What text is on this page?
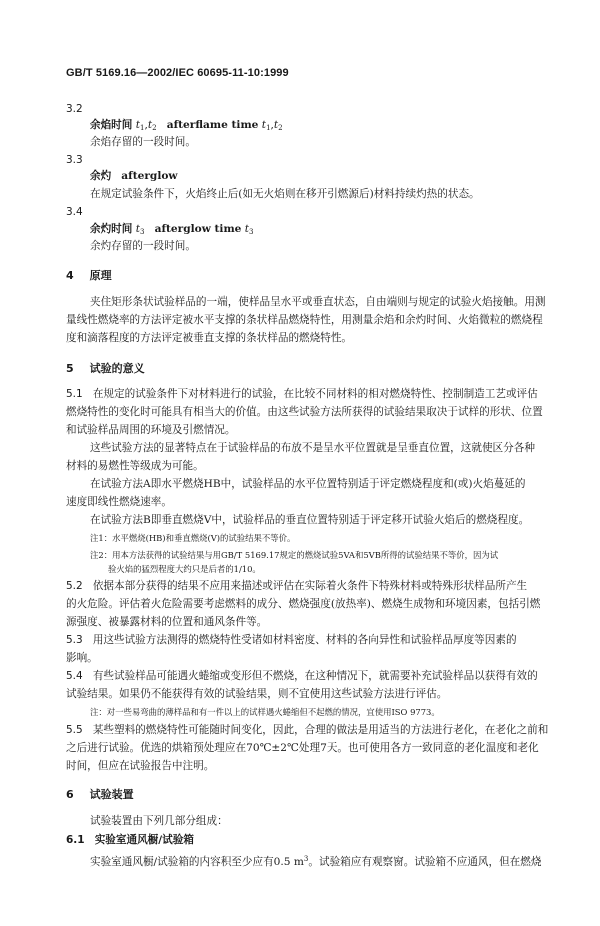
GB/T 5169.16—2002/IEC 60695-11-10:1999
3.2
余焰时间 $t_1,t_2$ afterflame time $t_1,t_2$
余焰存留的一段时间。
3.3
余灼 afterglow
在规定试验条件下，火焰终止后(如无火焰则在移开引燃源后)材料持续灼热的状态。
3.4
余灼时间 $t_3$ afterglow time $t_3$
余灼存留的一段时间。
4 原理
夹住矩形条状试验样品的一端，使样品呈水平或垂直状态，自由端则与规定的试验火焰接触。用测
量线性燃烧率的方法评定被水平支撑的条状样品燃烧特性，用测量余焰和余灼时间、火焰微粒的燃烧程
度和滴落程度的方法评定被垂直支撑的条状样品的燃烧特性。
5 试验的意义
5.1 在规定的试验条件下对材料进行的试验，在比较不同材料的相对燃烧特性、控制制造工艺或评估
燃烧特性的变化时可能具有相当大的价值。由这些试验方法所获得的试验结果取决于试样的形状、位置
和试验样品周围的环境及引燃情况。
这些试验方法的显著特点在于试验样品的布放不是呈水平位置就是呈垂直位置，这就使区分各种
材料的易燃性等级成为可能。
在试验方法A即水平燃烧HB中，试验样品的水平位置特别适于评定燃烧程度和(或)火焰蔓延的
速度即线性燃烧速率。
在试验方法B即垂直燃烧V中，试验样品的垂直位置特别适于评定移开试验火焰后的燃烧程度。
注1：水平燃烧(HB)和垂直燃烧(V)的试验结果不等价。
注2：用本方法获得的试验结果与用GB/T 5169.17规定的燃烧试验5VA和5VB所得的试验结果不等价，因为试
验火焰的猛烈程度大约只是后者的1/10。
5.2 依据本部分获得的结果不应用来描述或评估在实际着火条件下特殊材料或特殊形状样品所产生
的火危险。评估着火危险需要考虑燃料的成分、燃烧强度(放热率)、燃烧生成物和环境因素，包括引燃
源强度、被暴露材料的位置和通风条件等。
5.3 用这些试验方法测得的燃烧特性受诸如材料密度、材料的各向异性和试验样品厚度等因素的
影响。
5.4 有些试验样品可能遇火蜷缩或变形但不燃烧，在这种情况下，就需要补充试验样品以获得有效的
试验结果。如果仍不能获得有效的试验结果，则不宜使用这些试验方法进行评估。
注：对一些易弯曲的薄样品和有一件以上的试样遇火蜷缩但不起燃的情况，宜使用ISO 9773。
5.5 某些塑料的燃烧特性可能随时间变化，因此，合理的做法是用适当的方法进行老化，在老化之前和
之后进行试验。优选的烘箱预处理应在70℃±2℃处理7天。也可使用各方一致同意的老化温度和老化
时间，但应在试验报告中注明。
6 试验装置
试验装置由下列几部分组成：
6.1 实验室通风橱/试验箱
实验室通风橱/试验箱的内容积至少应有0.5 $m^3$。试验箱应有观察窗。试验箱不应通风，但在燃烧
